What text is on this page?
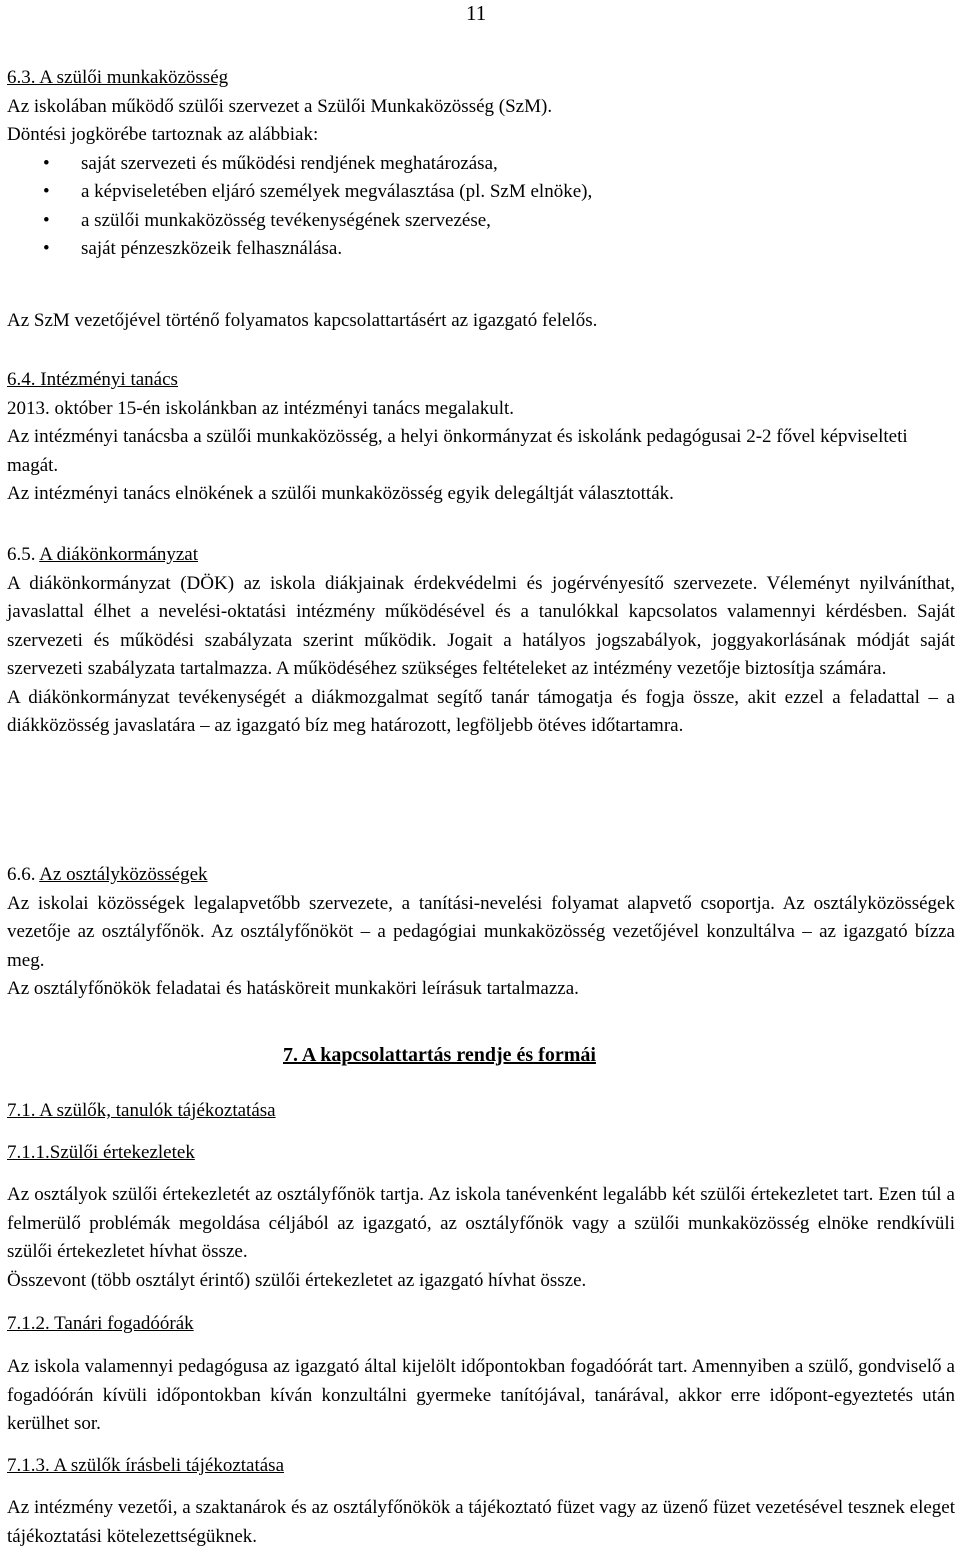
11

6.3. A szülői munkaközösség

Az iskolában működő szülői szervezet a Szülői Munkaközösség (SzM).

Döntési jogkörébe tartoznak az alábbiak:

• saját szervezeti és működési rendjének meghatározása,
• a képviseletében eljáró személyek megválasztása (pl. SzM elnöke),
• a szülői munkaközösség tevékenységének szervezése,
• saját pénzeszközeik felhasználása.

Az SzM vezetőjével történő folyamatos kapcsolattartásért az igazgató felelős.

6.4. Intézményi tanács

2013. október 15-én iskolánkban az intézményi tanács megalakult.

Az intézményi tanácsba a szülői munkaközösség, a helyi önkormányzat és iskolánk pedagógusai 2-2 fővel képviselteti magát.

Az intézményi tanács elnökének a szülői munkaközösség egyik delegáltját választották.

6.5. A diákönkormányzat

A diákönkormányzat (DÖK) az iskola diákjainak érdekvédelmi és jogérvényesítő szervezete. Véleményt nyilváníthat, javaslattal élhet a nevelési-oktatási intézmény működésével és a tanulókkal kapcsolatos valamennyi kérdésben. Saját szervezeti és működési szabályzata szerint működik. Jogait a hatályos jogszabályok, joggyakorlásának módját saját szervezeti szabályzata tartalmazza. A működéséhez szükséges feltételeket az intézmény vezetője biztosítja számára.

A diákönkormányzat tevékenységét a diákmozgalmat segítő tanár támogatja és fogja össze, akit ezzel a feladattal – a diákközösség javaslatára – az igazgató bíz meg határozott, legföljebb ötéves időtartamra.

6.6. Az osztályközösségek

Az iskolai közösségek legalapvetőbb szervezete, a tanítási-nevelési folyamat alapvető csoportja. Az osztályközösségek vezetője az osztályfőnök. Az osztályfőnököt – a pedagógiai munkaközösség vezetőjével konzultálva – az igazgató bízza meg.

Az osztályfőnökök feladatai és hatásköreit munkaköri leírásuk tartalmazza.

7. A kapcsolattartás rendje és formái

7.1. A szülők, tanulók tájékoztatása

7.1.1.Szülői értekezletek

Az osztályok szülői értekezletét az osztályfőnök tartja. Az iskola tanévenként legalább két szülői értekezletet tart. Ezen túl a felmerülő problémák megoldása céljából az igazgató, az osztályfőnök vagy a szülői munkaközösség elnöke rendkívüli szülői értekezletet hívhat össze.

Összevont (több osztályt érintő) szülői értekezletet az igazgató hívhat össze.

7.1.2. Tanári fogadóórák

Az iskola valamennyi pedagógusa az igazgató által kijelölt időpontokban fogadóórát tart. Amennyiben a szülő, gondviselő a fogadóórán kívüli időpontokban kíván konzultálni gyermeke tanítójával, tanárával, akkor erre időpont-egyeztetés után kerülhet sor.

7.1.3. A szülők írásbeli tájékoztatása

Az intézmény vezetői, a szaktanárok és az osztályfőnökök a tájékoztató füzet vagy az üzenő füzet vezetésével tesznek eleget tájékoztatási kötelezettségüknek.
